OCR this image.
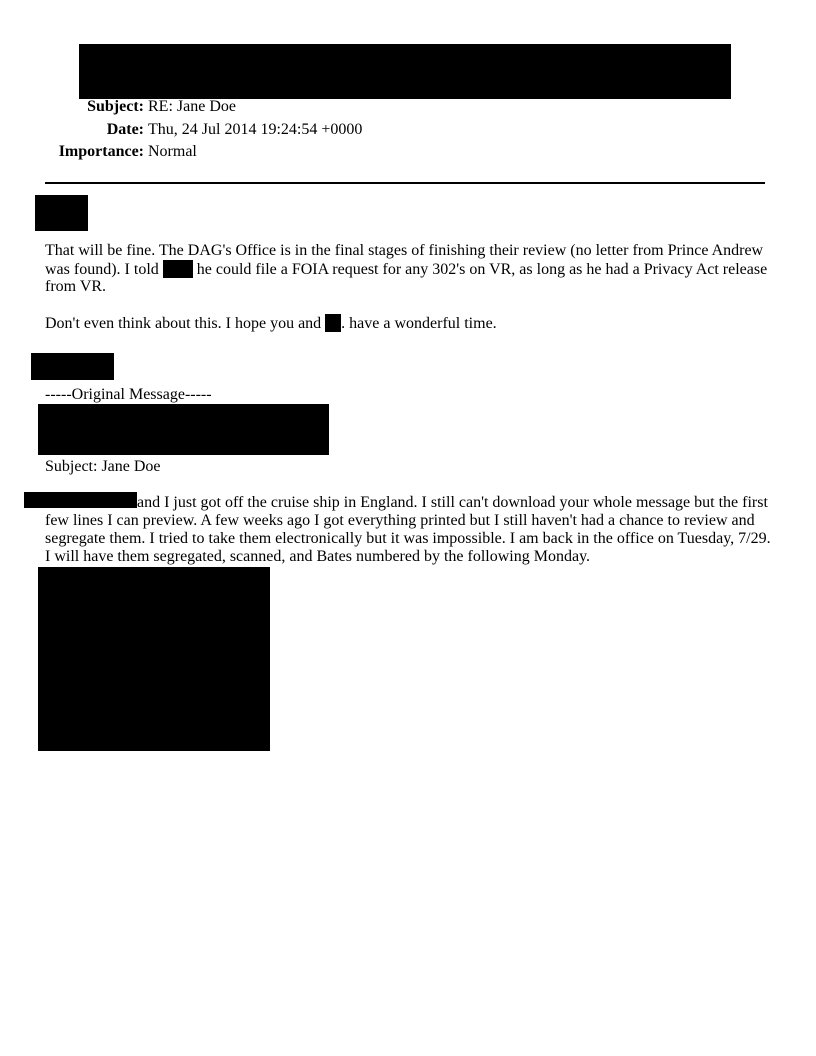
Subject: RE: Jane Doe
Date: Thu, 24 Jul 2014 19:24:54 +0000
Importance: Normal
That will be fine. The DAG's Office is in the final stages of finishing their review (no letter from Prince Andrew
was found). I told he could file a FOIA request for any 302's on VR, as long as he had a Privacy Act release
from VR.
Don't even think about this. I hope you and . have a wonderful time.
-----Original Message-----
Subject: Jane Doe
and I just got off the cruise ship in England. I still can't download your whole message but the first
few lines I can preview. A few weeks ago I got everything printed but I still haven't had a chance to review and
segregate them. I tried to take them electronically but it was impossible. I am back in the office on Tuesday, 7/29.
I will have them segregated, scanned, and Bates numbered by the following Monday.
